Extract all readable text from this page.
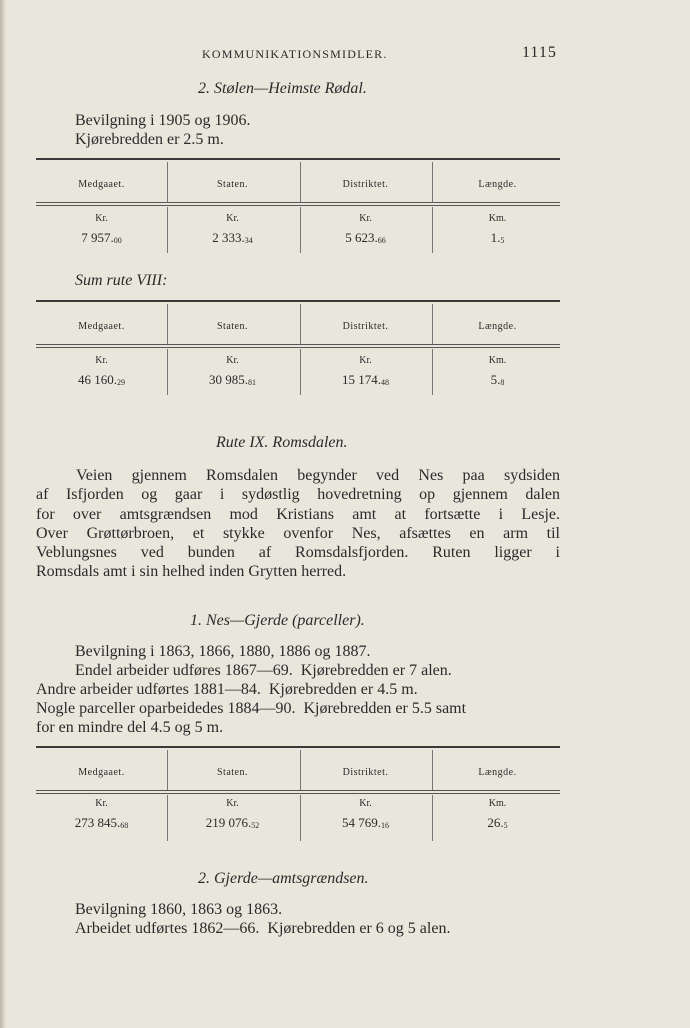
KOMMUNIKATIONSMIDLER.	1115
2. Stølen—Heimste Rødal.
Bevilgning i 1905 og 1906.
Kjørebredden er 2.5 m.
Medgaaet.	Staten.	Distriktet.	Længde.
Kr.	Kr.	Kr.	Km.
7 $957._{00}$	2 $333._{34}$	5 $623._{66}$	$1._5$
Sum rute VIII:
Medgaaet.	Staten.	Distriktet.	Længde.
Kr.	Kr.	Kr.	Km.
46 $160._{29}$	30 $985._{81}$	15 $174._{48}$	$5._8$
Rute IX. Romsdalen.
Veien gjennem Romsdalen begynder ved Nes paa sydsiden
af Isfjorden og gaar i sydøstlig hovedretning op gjennem dalen
for over amtsgrændsen mod Kristians amt at fortsætte i Lesje.
Over Grøttørbroen, et stykke ovenfor Nes, afsættes en arm til
Veblungsnes ved bunden af Romsdalsfjorden. Ruten ligger i
Romsdals amt i sin helhed inden Grytten herred.
1. Nes—Gjerde (parceller).
Bevilgning i 1863, 1866, 1880, 1886 og 1887.
Endel arbeider udføres 1867—69.  Kjørebredden er 7 alen.
Andre arbeider udførtes 1881—84.  Kjørebredden er 4.5 m.
Nogle parceller oparbeidedes 1884—90.  Kjørebredden er 5.5 samt
for en mindre del 4.5 og 5 m.
Medgaaet.	Staten.	Distriktet.	Længde.
Kr.	Kr.	Kr.	Km.
273 $845._{68}$	219 $076._{52}$	54 $769._{16}$	$26._5$
2. Gjerde—amtsgrændsen.
Bevilgning 1860, 1863 og 1863.
Arbeidet udførtes 1862—66.  Kjørebredden er 6 og 5 alen.
